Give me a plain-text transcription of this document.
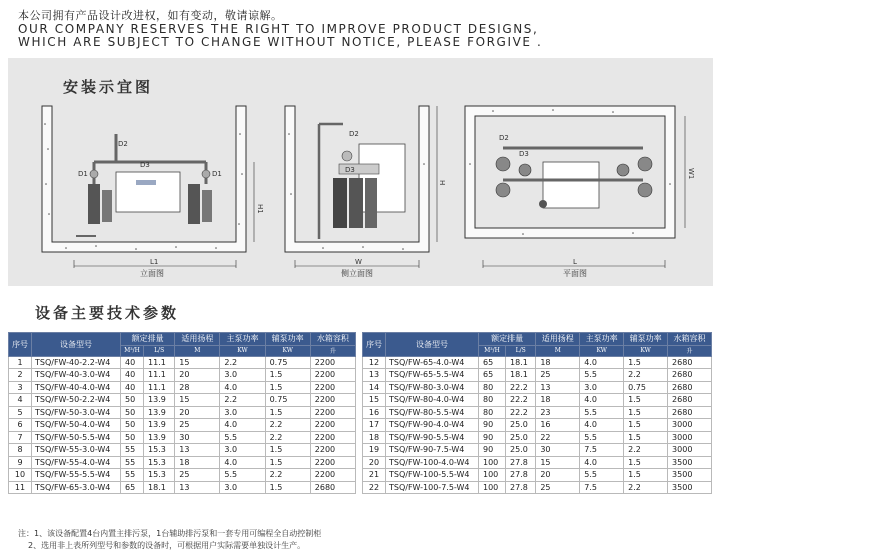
本公司拥有产品设计改进权，如有变动，敬请谅解。
OUR COMPANY RESERVES THE RIGHT TO IMPROVE PRODUCT DESIGNS,
WHICH ARE SUBJECT TO CHANGE WITHOUT NOTICE, PLEASE FORGIVE .
安装示宜图
D2
D3
D1	D1
H1
L1
立面图
D2
D3
H
W
侧立面图
D2
D3
W1
L
平面图
设备主要技术参数
序号	设备型号	额定排量		适用扬程	主泵功率	辅泵功率	水箱容积
		M³/H	L/S	M	KW	KW	升
1	TSQ/FW-40-2.2-W4	40	11.1	15	2.2	0.75	2200
2	TSQ/FW-40-3.0-W4	40	11.1	20	3.0	1.5	2200
3	TSQ/FW-40-4.0-W4	40	11.1	28	4.0	1.5	2200
4	TSQ/FW-50-2.2-W4	50	13.9	15	2.2	0.75	2200
5	TSQ/FW-50-3.0-W4	50	13.9	20	3.0	1.5	2200
6	TSQ/FW-50-4.0-W4	50	13.9	25	4.0	2.2	2200
7	TSQ/FW-50-5.5-W4	50	13.9	30	5.5	2.2	2200
8	TSQ/FW-55-3.0-W4	55	15.3	13	3.0	1.5	2200
9	TSQ/FW-55-4.0-W4	55	15.3	18	4.0	1.5	2200
10	TSQ/FW-55-5.5-W4	55	15.3	25	5.5	2.2	2200
11	TSQ/FW-65-3.0-W4	65	18.1	13	3.0	1.5	2680
序号	设备型号	额定排量		适用扬程	主泵功率	辅泵功率	水箱容积
		M³/H	L/S	M	KW	KW	升
12	TSQ/FW-65-4.0-W4	65	18.1	18	4.0	1.5	2680
13	TSQ/FW-65-5.5-W4	65	18.1	25	5.5	2.2	2680
14	TSQ/FW-80-3.0-W4	80	22.2	13	3.0	0.75	2680
15	TSQ/FW-80-4.0-W4	80	22.2	18	4.0	1.5	2680
16	TSQ/FW-80-5.5-W4	80	22.2	23	5.5	1.5	2680
17	TSQ/FW-90-4.0-W4	90	25.0	16	4.0	1.5	3000
18	TSQ/FW-90-5.5-W4	90	25.0	22	5.5	1.5	3000
19	TSQ/FW-90-7.5-W4	90	25.0	30	7.5	2.2	3000
20	TSQ/FW-100-4.0-W4	100	27.8	15	4.0	1.5	3500
21	TSQ/FW-100-5.5-W4	100	27.8	20	5.5	1.5	3500
22	TSQ/FW-100-7.5-W4	100	27.8	25	7.5	2.2	3500
注：1、该设备配置4台内置主排污泵，1台辅助排污泵和一套专用可编程全自动控制柜
2、选用非上表所列型号和参数的设备时，可根据用户实际需要单独设计生产。
